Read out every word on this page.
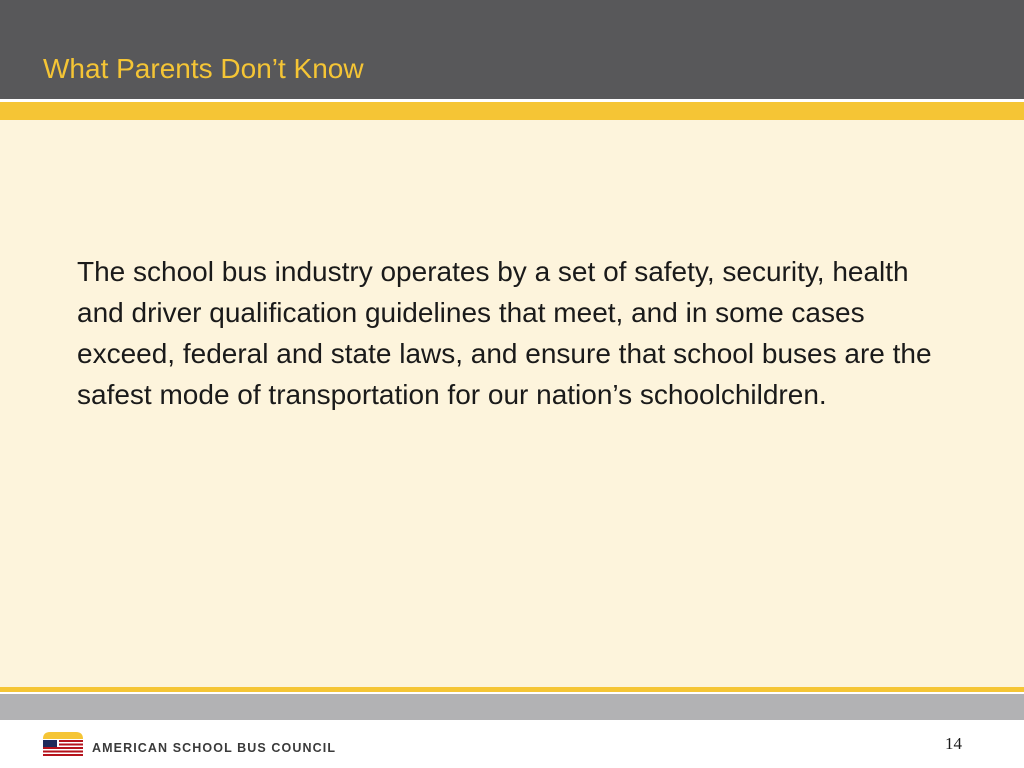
What Parents Don’t Know

The school bus industry operates by a set of safety, security, health and driver qualification guidelines that meet, and in some cases exceed, federal and state laws, and ensure that school buses are the safest mode of transportation for our nation’s schoolchildren.

AMERICAN SCHOOL BUS COUNCIL	14
